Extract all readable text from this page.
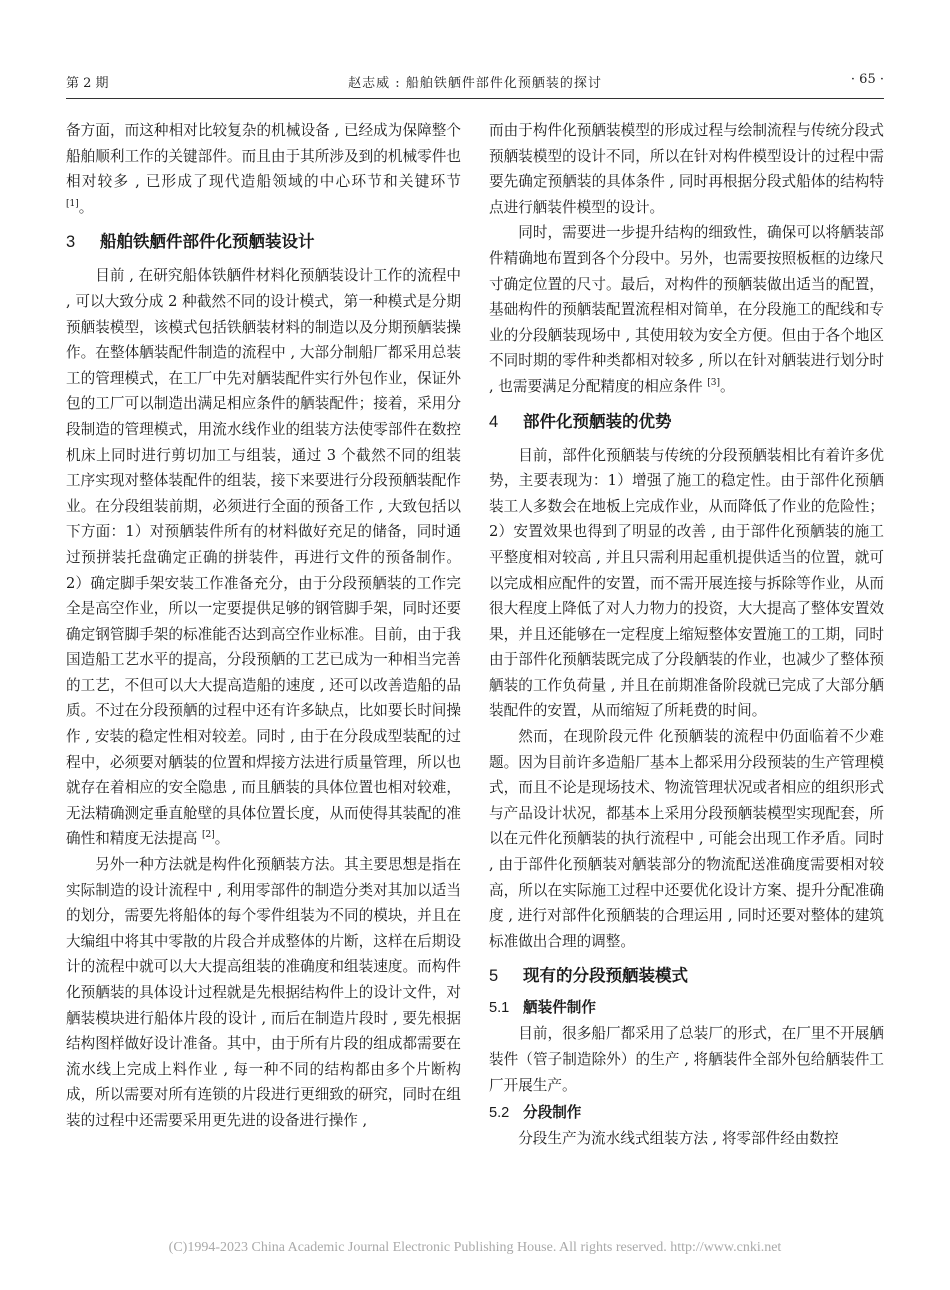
第 2 期	赵志威 : 船舶铁舾件部件化预舾装的探讨	· 65 ·

备方面，而这种相对比较复杂的机械设备 , 已经成为保障整个船舶顺利工作的关键部件。而且由于其所涉及到的机械零件也相对较多 , 已形成了现代造船领域的中心环节和关键环节 [1]。

3 船舶铁舾件部件化预舾装设计

目前 , 在研究船体铁舾件材料化预舾装设计工作的流程中 , 可以大致分成 2 种截然不同的设计模式，第一种模式是分期预舾装模型，该模式包括铁舾装材料的制造以及分期预舾装操作。在整体舾装配件制造的流程中 , 大部分制船厂都采用总装工的管理模式，在工厂中先对舾装配件实行外包作业，保证外包的工厂可以制造出满足相应条件的舾装配件；接着，采用分段制造的管理模式，用流水线作业的组装方法使零部件在数控机床上同时进行剪切加工与组装，通过 3 个截然不同的组装工序实现对整体装配件的组装，接下来要进行分段预舾装配作业。在分段组装前期，必须进行全面的预备工作 , 大致包括以下方面：1）对预舾装件所有的材料做好充足的储备，同时通过预拼装托盘确定正确的拼装件，再进行文件的预备制作。2）确定脚手架安装工作准备充分，由于分段预舾装的工作完全是高空作业，所以一定要提供足够的钢管脚手架，同时还要确定钢管脚手架的标准能否达到高空作业标准。目前，由于我国造船工艺水平的提高，分段预舾的工艺已成为一种相当完善的工艺，不但可以大大提高造船的速度 , 还可以改善造船的品质。不过在分段预舾的过程中还有许多缺点，比如要长时间操作 , 安装的稳定性相对较差。同时 , 由于在分段成型装配的过程中，必须要对舾装的位置和焊接方法进行质量管理，所以也就存在着相应的安全隐患 , 而且舾装的具体位置也相对较难，无法精确测定垂直舱壁的具体位置长度，从而使得其装配的准确性和精度无法提高 [2]。

另外一种方法就是构件化预舾装方法。其主要思想是指在实际制造的设计流程中 , 利用零部件的制造分类对其加以适当的划分，需要先将船体的每个零件组装为不同的模块，并且在大编组中将其中零散的片段合并成整体的片断，这样在后期设计的流程中就可以大大提高组装的准确度和组装速度。而构件化预舾装的具体设计过程就是先根据结构件上的设计文件，对舾装模块进行船体片段的设计 , 而后在制造片段时 , 要先根据结构图样做好设计准备。其中，由于所有片段的组成都需要在流水线上完成上料作业 , 每一种不同的结构都由多个片断构成，所以需要对所有连锁的片段进行更细致的研究，同时在组装的过程中还需要采用更先进的设备进行操作 ,

而由于构件化预舾装模型的形成过程与绘制流程与传统分段式预舾装模型的设计不同，所以在针对构件模型设计的过程中需要先确定预舾装的具体条件 , 同时再根据分段式船体的结构特点进行舾装件模型的设计。

同时，需要进一步提升结构的细致性，确保可以将舾装部件精确地布置到各个分段中。另外，也需要按照板框的边缘尺寸确定位置的尺寸。最后，对构件的预舾装做出适当的配置，基础构件的预舾装配置流程相对简单，在分段施工的配线和专业的分段舾装现场中 , 其使用较为安全方便。但由于各个地区不同时期的零件种类都相对较多 , 所以在针对舾装进行划分时 , 也需要满足分配精度的相应条件 [3]。

4 部件化预舾装的优势

目前，部件化预舾装与传统的分段预舾装相比有着许多优势，主要表现为：1）增强了施工的稳定性。由于部件化预舾装工人多数会在地板上完成作业，从而降低了作业的危险性；2）安置效果也得到了明显的改善 , 由于部件化预舾装的施工平整度相对较高 , 并且只需利用起重机提供适当的位置，就可以完成相应配件的安置，而不需开展连接与拆除等作业，从而很大程度上降低了对人力物力的投资，大大提高了整体安置效果，并且还能够在一定程度上缩短整体安置施工的工期，同时由于部件化预舾装既完成了分段舾装的作业，也减少了整体预舾装的工作负荷量 , 并且在前期准备阶段就已完成了大部分舾装配件的安置，从而缩短了所耗费的时间。

然而，在现阶段元件 化预舾装的流程中仍面临着不少难题。因为目前许多造船厂基本上都采用分段预装的生产管理模式，而且不论是现场技术、物流管理状况或者相应的组织形式与产品设计状况，都基本上采用分段预舾装模型实现配套，所以在元件化预舾装的执行流程中 , 可能会出现工作矛盾。同时 , 由于部件化预舾装对舾装部分的物流配送准确度需要相对较高，所以在实际施工过程中还要优化设计方案、提升分配准确度 , 进行对部件化预舾装的合理运用 , 同时还要对整体的建筑标准做出合理的调整。

5 现有的分段预舾装模式
5.1 舾装件制作

目前，很多船厂都采用了总装厂的形式，在厂里不开展舾装件（管子制造除外）的生产 , 将舾装件全部外包给舾装件工厂开展生产。

5.2 分段制作

分段生产为流水线式组装方法 , 将零部件经由数控

(C)1994-2023 China Academic Journal Electronic Publishing House. All rights reserved. http://www.cnki.net
